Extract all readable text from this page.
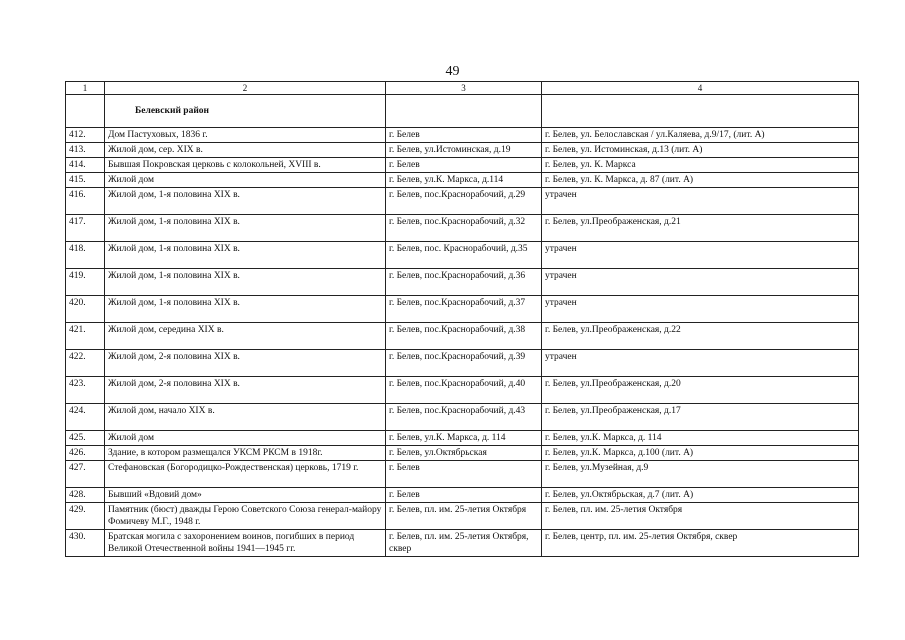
49
1	2	3	4
	Белевский район		
412.	Дом Пастуховых, 1836 г.	г. Белев	г. Белев, ул. Белославская / ул.Каляева, д.9/17, (лит. А)
413.	Жилой дом, сер. XIX в.	г. Белев, ул.Истоминская, д.19	г. Белев, ул. Истоминская, д.13 (лит. А)
414.	Бывшая Покровская церковь с колокольней, XVIII в.	г. Белев	г. Белев, ул. К. Маркса
415.	Жилой дом	г. Белев, ул.К. Маркса, д.114	г. Белев, ул. К. Маркса, д. 87 (лит. А)
416.	Жилой дом, 1-я половина XIX в.	г. Белев, пос.Краснорабочий, д.29	утрачен
417.	Жилой дом, 1-я половина XIX в.	г. Белев, пос.Краснорабочий, д.32	г. Белев, ул.Преображенская, д.21
418.	Жилой дом, 1-я половина XIX в.	г. Белев, пос. Краснорабочий, д.35	утрачен
419.	Жилой дом, 1-я половина XIX в.	г. Белев, пос.Краснорабочий, д.36	утрачен
420.	Жилой дом, 1-я половина XIX в.	г. Белев, пос.Краснорабочий, д.37	утрачен
421.	Жилой дом, середина XIX в.	г. Белев, пос.Краснорабочий, д.38	г. Белев, ул.Преображенская, д.22
422.	Жилой дом, 2-я половина XIX в.	г. Белев, пос.Краснорабочий, д.39	утрачен
423.	Жилой дом, 2-я половина XIX в.	г. Белев, пос.Краснорабочий, д.40	г. Белев, ул.Преображенская, д.20
424.	Жилой дом, начало XIX в.	г. Белев, пос.Краснорабочий, д.43	г. Белев, ул.Преображенская, д.17
425.	Жилой дом	г. Белев, ул.К. Маркса, д. 114	г. Белев, ул.К. Маркса, д. 114
426.	Здание, в котором размещался УКСМ РКСМ в 1918г.	г. Белев, ул.Октябрьская	г. Белев, ул.К. Маркса, д.100 (лит. А)
427.	Стефановская (Богородицко-Рождественская) церковь, 1719 г.	г. Белев	г. Белев, ул.Музейная, д.9
428.	Бывший «Вдовий дом»	г. Белев	г. Белев, ул.Октябрьская, д.7 (лит. А)
429.	Памятник (бюст) дважды Герою Советского Союза генерал-майору Фомичеву М.Г., 1948 г.	г. Белев, пл. им. 25-летия Октября	г. Белев, пл. им. 25-летия Октября
430.	Братская могила с захоронением воинов, погибших в период Великой Отечественной войны 1941—1945 гг.	г. Белев, пл. им. 25-летия Октября, сквер	г. Белев, центр, пл. им. 25-летия Октября, сквер
